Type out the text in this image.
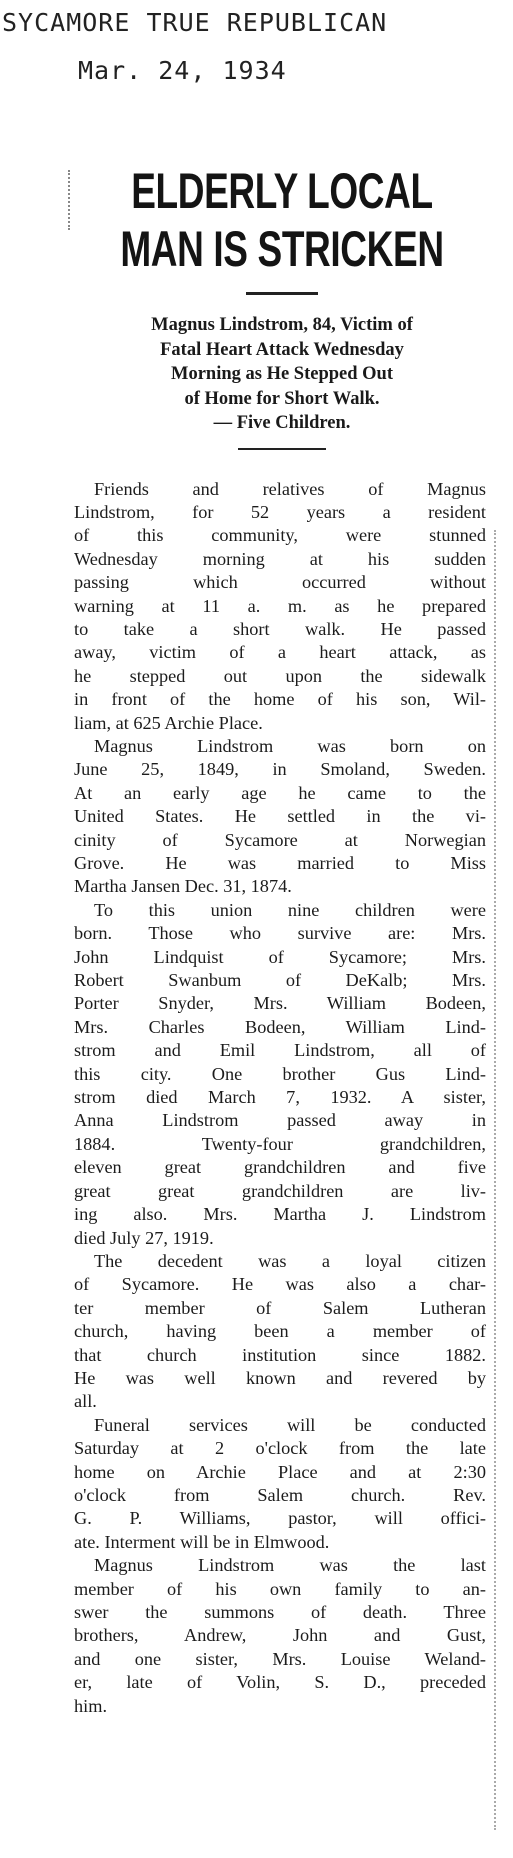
SYCAMORE TRUE REPUBLICAN
Mar. 24, 1934
ELDERLY LOCAL
MAN IS STRICKEN
Magnus Lindstrom, 84, Victim of
Fatal Heart Attack Wednesday
Morning as He Stepped Out
of Home for Short Walk.
— Five Children.

Friends and relatives of Magnus
Lindstrom, for 52 years a resident
of this community, were stunned
Wednesday morning at his sudden
passing which occurred without
warning at 11 a. m. as he prepared
to take a short walk. He passed
away, victim of a heart attack, as
he stepped out upon the sidewalk
in front of the home of his son, Wil-
liam, at 625 Archie Place.

Magnus Lindstrom was born on
June 25, 1849, in Smoland, Sweden.
At an early age he came to the
United States. He settled in the vi-
cinity of Sycamore at Norwegian
Grove. He was married to Miss
Martha Jansen Dec. 31, 1874.

To this union nine children were
born. Those who survive are: Mrs.
John Lindquist of Sycamore; Mrs.
Robert Swanbum of DeKalb; Mrs.
Porter Snyder, Mrs. William Bodeen,
Mrs. Charles Bodeen, William Lind-
strom and Emil Lindstrom, all of
this city. One brother Gus Lind-
strom died March 7, 1932. A sister,
Anna Lindstrom passed away in
1884. Twenty-four grandchildren,
eleven great grandchildren and five
great great grandchildren are liv-
ing also. Mrs. Martha J. Lindstrom
died July 27, 1919.

The decedent was a loyal citizen
of Sycamore. He was also a char-
ter member of Salem Lutheran
church, having been a member of
that church institution since 1882.
He was well known and revered by
all.

Funeral services will be conducted
Saturday at 2 o'clock from the late
home on Archie Place and at 2:30
o'clock from Salem church. Rev.
G. P. Williams, pastor, will offici-
ate. Interment will be in Elmwood.

Magnus Lindstrom was the last
member of his own family to an-
swer the summons of death. Three
brothers, Andrew, John and Gust,
and one sister, Mrs. Louise Weland-
er, late of Volin, S. D., preceded
him.
